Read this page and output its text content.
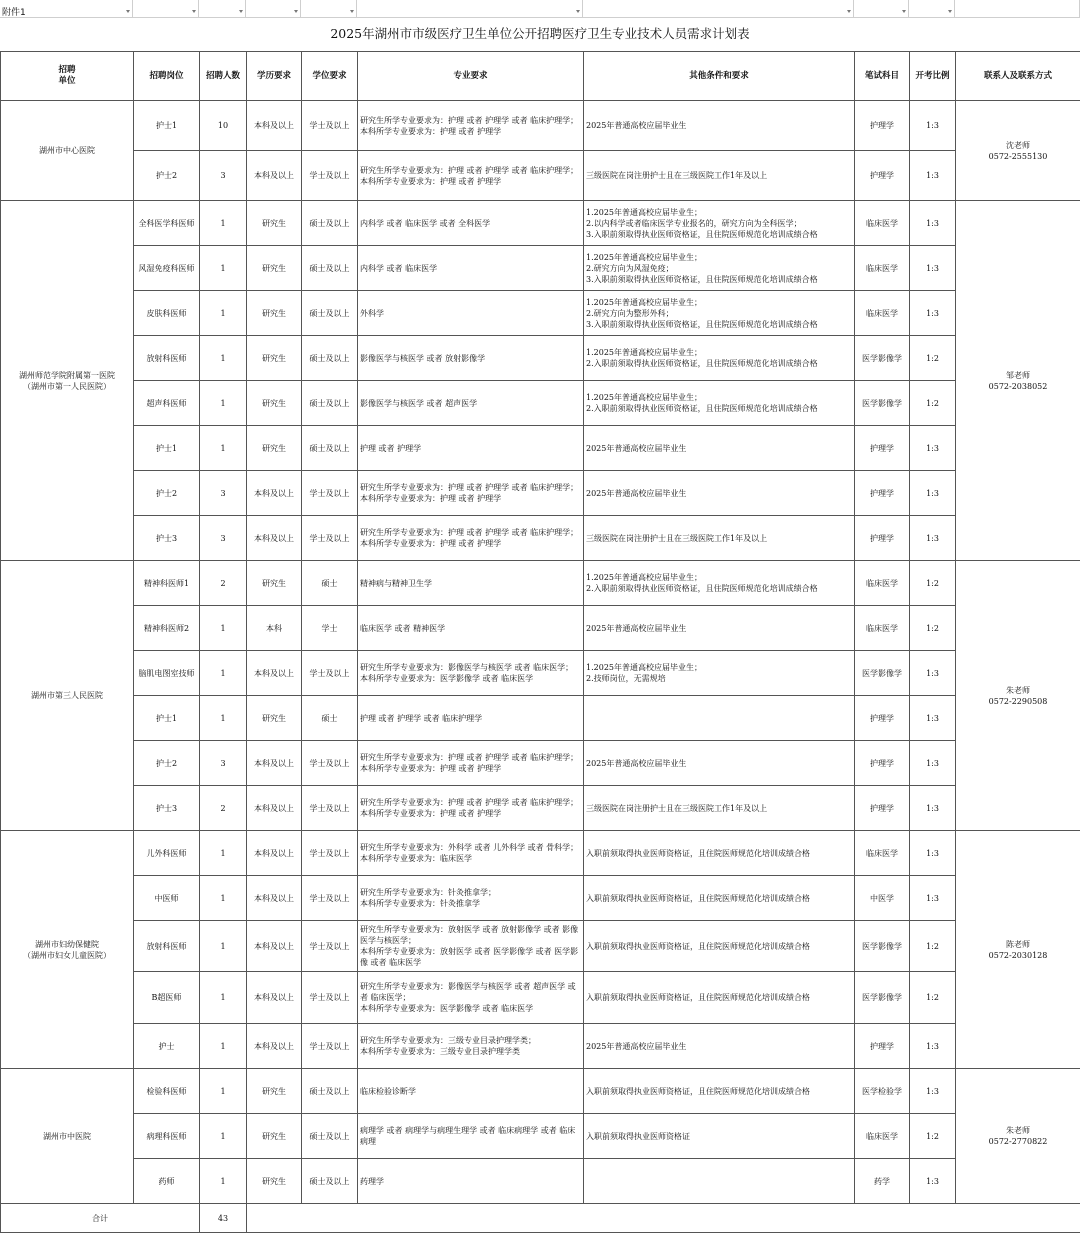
附件1
2025年湖州市市级医疗卫生单位公开招聘医疗卫生专业技术人员需求计划表
招聘
单位	招聘岗位	招聘人数	学历要求	学位要求	专业要求	其他条件和要求	笔试科目	开考比例	联系人及联系方式
湖州市中心医院	护士1	10	本科及以上	学士及以上	研究生所学专业要求为：护理 或者 护理学 或者 临床护理学；
本科所学专业要求为：护理 或者 护理学	2025年普通高校应届毕业生	护理学	1:3	沈老师
0572-2555130
	护士2	3	本科及以上	学士及以上	研究生所学专业要求为：护理 或者 护理学 或者 临床护理学；
本科所学专业要求为：护理 或者 护理学	三级医院在岗注册护士且在三级医院工作1年及以上	护理学	1:3	
湖州师范学院附属第一医院
（湖州市第一人民医院）	全科医学科医师	1	研究生	硕士及以上	内科学 或者 临床医学 或者 全科医学	1.2025年普通高校应届毕业生；
2.以内科学或者临床医学专业报名的，研究方向为全科医学；
3.入职前须取得执业医师资格证，且住院医师规范化培训成绩合格	临床医学	1:3	邹老师
0572-2038052
	风湿免疫科医师	1	研究生	硕士及以上	内科学 或者 临床医学	1.2025年普通高校应届毕业生；
2.研究方向为风湿免疫；
3.入职前须取得执业医师资格证，且住院医师规范化培训成绩合格	临床医学	1:3	
	皮肤科医师	1	研究生	硕士及以上	外科学	1.2025年普通高校应届毕业生；
2.研究方向为整形外科；
3.入职前须取得执业医师资格证，且住院医师规范化培训成绩合格	临床医学	1:3	
	放射科医师	1	研究生	硕士及以上	影像医学与核医学 或者 放射影像学	1.2025年普通高校应届毕业生；
2.入职前须取得执业医师资格证，且住院医师规范化培训成绩合格	医学影像学	1:2	
	超声科医师	1	研究生	硕士及以上	影像医学与核医学 或者 超声医学	1.2025年普通高校应届毕业生；
2.入职前须取得执业医师资格证，且住院医师规范化培训成绩合格	医学影像学	1:2	
	护士1	1	研究生	硕士及以上	护理 或者 护理学	2025年普通高校应届毕业生	护理学	1:3	
	护士2	3	本科及以上	学士及以上	研究生所学专业要求为：护理 或者 护理学 或者 临床护理学；
本科所学专业要求为：护理 或者 护理学	2025年普通高校应届毕业生	护理学	1:3	
	护士3	3	本科及以上	学士及以上	研究生所学专业要求为：护理 或者 护理学 或者 临床护理学；
本科所学专业要求为：护理 或者 护理学	三级医院在岗注册护士且在三级医院工作1年及以上	护理学	1:3	
湖州市第三人民医院	精神科医师1	2	研究生	硕士	精神病与精神卫生学	1.2025年普通高校应届毕业生；
2.入职前须取得执业医师资格证，且住院医师规范化培训成绩合格	临床医学	1:2	朱老师
0572-2290508
	精神科医师2	1	本科	学士	临床医学 或者 精神医学	2025年普通高校应届毕业生	临床医学	1:2	
	脑肌电图室技师	1	本科及以上	学士及以上	研究生所学专业要求为：影像医学与核医学 或者 临床医学；
本科所学专业要求为：医学影像学 或者 临床医学	1.2025年普通高校应届毕业生；
2.技师岗位，无需规培	医学影像学	1:3	
	护士1	1	研究生	硕士	护理 或者 护理学 或者 临床护理学		护理学	1:3	
	护士2	3	本科及以上	学士及以上	研究生所学专业要求为：护理 或者 护理学 或者 临床护理学；
本科所学专业要求为：护理 或者 护理学	2025年普通高校应届毕业生	护理学	1:3	
	护士3	2	本科及以上	学士及以上	研究生所学专业要求为：护理 或者 护理学 或者 临床护理学；
本科所学专业要求为：护理 或者 护理学	三级医院在岗注册护士且在三级医院工作1年及以上	护理学	1:3	
湖州市妇幼保健院
（湖州市妇女儿童医院）	儿外科医师	1	本科及以上	学士及以上	研究生所学专业要求为：外科学 或者 儿外科学 或者 骨科学；
本科所学专业要求为：临床医学	入职前须取得执业医师资格证，且住院医师规范化培训成绩合格	临床医学	1:3	陈老师
0572-2030128
	中医师	1	本科及以上	学士及以上	研究生所学专业要求为：针灸推拿学；
本科所学专业要求为：针灸推拿学	入职前须取得执业医师资格证，且住院医师规范化培训成绩合格	中医学	1:3	
	放射科医师	1	本科及以上	学士及以上	研究生所学专业要求为：放射医学 或者 放射影像学 或者 影像医学与核医学；
本科所学专业要求为：放射医学 或者 医学影像学 或者 医学影像 或者 临床医学	入职前须取得执业医师资格证，且住院医师规范化培训成绩合格	医学影像学	1:2	
	B超医师	1	本科及以上	学士及以上	研究生所学专业要求为：影像医学与核医学 或者 超声医学 或者 临床医学；
本科所学专业要求为：医学影像学 或者 临床医学	入职前须取得执业医师资格证，且住院医师规范化培训成绩合格	医学影像学	1:2	
	护士	1	本科及以上	学士及以上	研究生所学专业要求为：三级专业目录护理学类；
本科所学专业要求为：三级专业目录护理学类	2025年普通高校应届毕业生	护理学	1:3	
湖州市中医院	检验科医师	1	研究生	硕士及以上	临床检验诊断学	入职前须取得执业医师资格证，且住院医师规范化培训成绩合格	医学检验学	1:3	朱老师
0572-2770822
	病理科医师	1	研究生	硕士及以上	病理学 或者 病理学与病理生理学 或者 临床病理学 或者 临床病理	入职前须取得执业医师资格证	临床医学	1:2	
	药师	1	研究生	硕士及以上	药理学		药学	1:3	
合计		43							
